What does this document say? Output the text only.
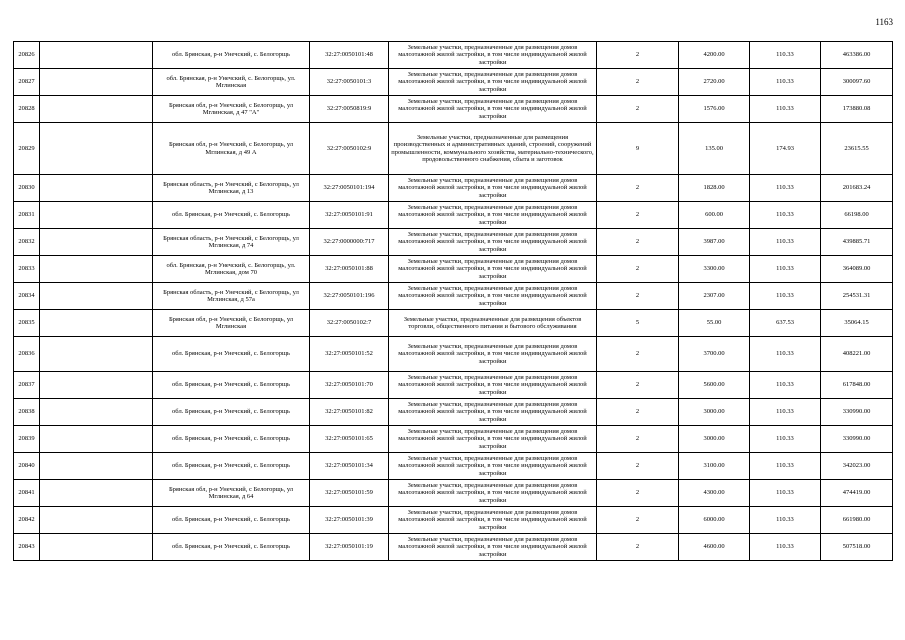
1163
20826		обл. Брянская, р-н Унечский, с. Белогорщь	32:27:0050101:48	Земельные участки, предназначенные для размещения домов малоэтажной жилой застройки, в том числе индивидуальной жилой застройки	2	4200.00	110.33	463386.00
20827		обл. Брянская, р-н Унечский, с. Белогорщь, ул. Мглинская	32:27:0050101:3	Земельные участки, предназначенные для размещения домов малоэтажной жилой застройки, в том числе индивидуальной жилой застройки	2	2720.00	110.33	300097.60
20828		Брянская обл, р-н Унечский, с Белогорщь, ул Мглинская, д 47 "А"	32:27:0050819:9	Земельные участки, предназначенные для размещения домов малоэтажной жилой застройки, в том числе индивидуальной жилой застройки	2	1576.00	110.33	173880.08
20829		Брянская обл, р-н Унечский, с Белогорщь, ул Мглинская, д 49 А	32:27:0050102:9	Земельные участки, предназначенные для размещения производственных и административных зданий, строений, сооружений промышленности, коммунального хозяйства, материально-технического, продовольственного снабжения, сбыта и заготовок	9	135.00	174.93	23615.55
20830		Брянская область, р-н Унечский, с Белогорщь, ул Мглинская, д 13	32:27:0050101:194	Земельные участки, предназначенные для размещения домов малоэтажной жилой застройки, в том числе индивидуальной жилой застройки	2	1828.00	110.33	201683.24
20831		обл. Брянская, р-н Унечский, с. Белогорщь	32:27:0050101:91	Земельные участки, предназначенные для размещения домов малоэтажной жилой застройки, в том числе индивидуальной жилой застройки	2	600.00	110.33	66198.00
20832		Брянская область, р-н Унечский, с Белогорщь, ул Мглинская, д 74	32:27:0000000:717	Земельные участки, предназначенные для размещения домов малоэтажной жилой застройки, в том числе индивидуальной жилой застройки	2	3987.00	110.33	439885.71
20833		обл. Брянская, р-н Унечский, с. Белогорщь, ул. Мглинская, дом 70	32:27:0050101:88	Земельные участки, предназначенные для размещения домов малоэтажной жилой застройки, в том числе индивидуальной жилой застройки	2	3300.00	110.33	364089.00
20834		Брянская область, р-н Унечский, с Белогорщь, ул Мглинская, д 57а	32:27:0050101:196	Земельные участки, предназначенные для размещения домов малоэтажной жилой застройки, в том числе индивидуальной жилой застройки	2	2307.00	110.33	254531.31
20835		Брянская обл, р-н Унечский, с Белогорщь, ул Мглинская	32:27:0050102:7	Земельные участки, предназначенные для размещения объектов торговли, общественного питания и бытового обслуживания	5	55.00	637.53	35064.15
20836		обл. Брянская, р-н Унечский, с. Белогорщь	32:27:0050101:52	Земельные участки, предназначенные для размещения домов малоэтажной жилой застройки, в том числе индивидуальной жилой застройки	2	3700.00	110.33	408221.00
20837		обл. Брянская, р-н Унечский, с. Белогорщь	32:27:0050101:70	Земельные участки, предназначенные для размещения домов малоэтажной жилой застройки, в том числе индивидуальной жилой застройки	2	5600.00	110.33	617848.00
20838		обл. Брянская, р-н Унечский, с. Белогорщь	32:27:0050101:82	Земельные участки, предназначенные для размещения домов малоэтажной жилой застройки, в том числе индивидуальной жилой застройки	2	3000.00	110.33	330990.00
20839		обл. Брянская, р-н Унечский, с. Белогорщь	32:27:0050101:65	Земельные участки, предназначенные для размещения домов малоэтажной жилой застройки, в том числе индивидуальной жилой застройки	2	3000.00	110.33	330990.00
20840		обл. Брянская, р-н Унечский, с. Белогорщь	32:27:0050101:34	Земельные участки, предназначенные для размещения домов малоэтажной жилой застройки, в том числе индивидуальной жилой застройки	2	3100.00	110.33	342023.00
20841		Брянская обл, р-н Унечский, с Белогорщь, ул Мглинская, д 64	32:27:0050101:59	Земельные участки, предназначенные для размещения домов малоэтажной жилой застройки, в том числе индивидуальной жилой застройки	2	4300.00	110.33	474419.00
20842		обл. Брянская, р-н Унечский, с. Белогорщь	32:27:0050101:39	Земельные участки, предназначенные для размещения домов малоэтажной жилой застройки, в том числе индивидуальной жилой застройки	2	6000.00	110.33	661980.00
20843		обл. Брянская, р-н Унечский, с. Белогорщь	32:27:0050101:19	Земельные участки, предназначенные для размещения домов малоэтажной жилой застройки, в том числе индивидуальной жилой застройки	2	4600.00	110.33	507518.00
